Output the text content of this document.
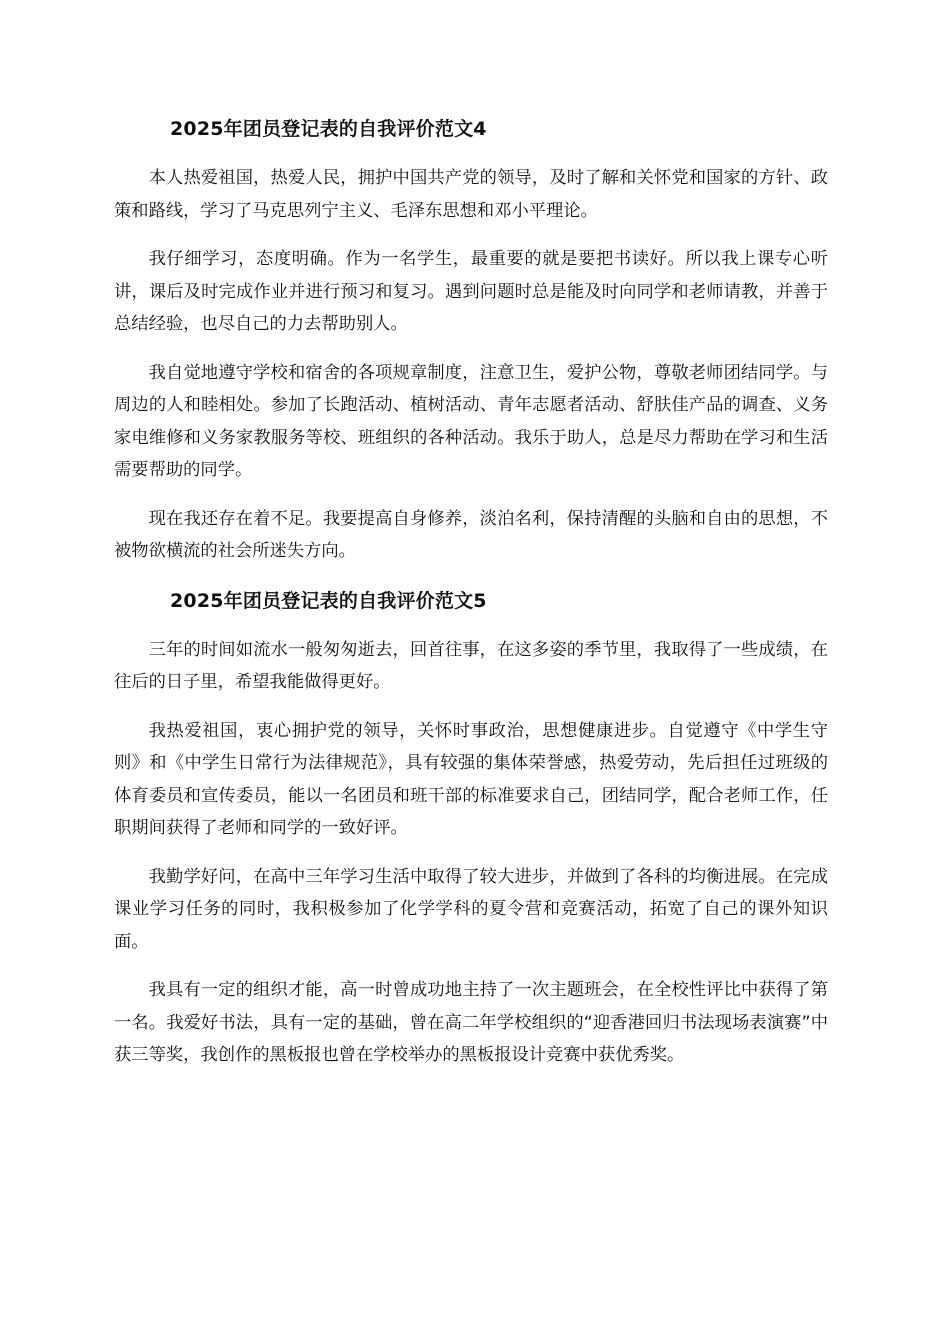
2025年团员登记表的自我评价范文4

本人热爱祖国，热爱人民，拥护中国共产党的领导，及时了解和关怀党和国家的方针、政策和路线，学习了马克思列宁主义、毛泽东思想和邓小平理论。

我仔细学习，态度明确。作为一名学生，最重要的就是要把书读好。所以我上课专心听讲，课后及时完成作业并进行预习和复习。遇到问题时总是能及时向同学和老师请教，并善于总结经验，也尽自己的力去帮助别人。

我自觉地遵守学校和宿舍的各项规章制度，注意卫生，爱护公物，尊敬老师团结同学。与周边的人和睦相处。参加了长跑活动、植树活动、青年志愿者活动、舒肤佳产品的调查、义务家电维修和义务家教服务等校、班组织的各种活动。我乐于助人，总是尽力帮助在学习和生活需要帮助的同学。

现在我还存在着不足。我要提高自身修养，淡泊名利，保持清醒的头脑和自由的思想，不被物欲横流的社会所迷失方向。

2025年团员登记表的自我评价范文5

三年的时间如流水一般匆匆逝去，回首往事，在这多姿的季节里，我取得了一些成绩，在往后的日子里，希望我能做得更好。

我热爱祖国，衷心拥护党的领导，关怀时事政治，思想健康进步。自觉遵守《中学生守则》和《中学生日常行为法律规范》，具有较强的集体荣誉感，热爱劳动，先后担任过班级的体育委员和宣传委员，能以一名团员和班干部的标准要求自己，团结同学，配合老师工作，任职期间获得了老师和同学的一致好评。

我勤学好问，在高中三年学习生活中取得了较大进步，并做到了各科的均衡进展。在完成课业学习任务的同时，我积极参加了化学学科的夏令营和竞赛活动，拓宽了自己的课外知识面。

我具有一定的组织才能，高一时曾成功地主持了一次主题班会，在全校性评比中获得了第一名。我爱好书法，具有一定的基础，曾在高二年学校组织的“迎香港回归书法现场表演赛”中获三等奖，我创作的黑板报也曾在学校举办的黑板报设计竞赛中获优秀奖。
